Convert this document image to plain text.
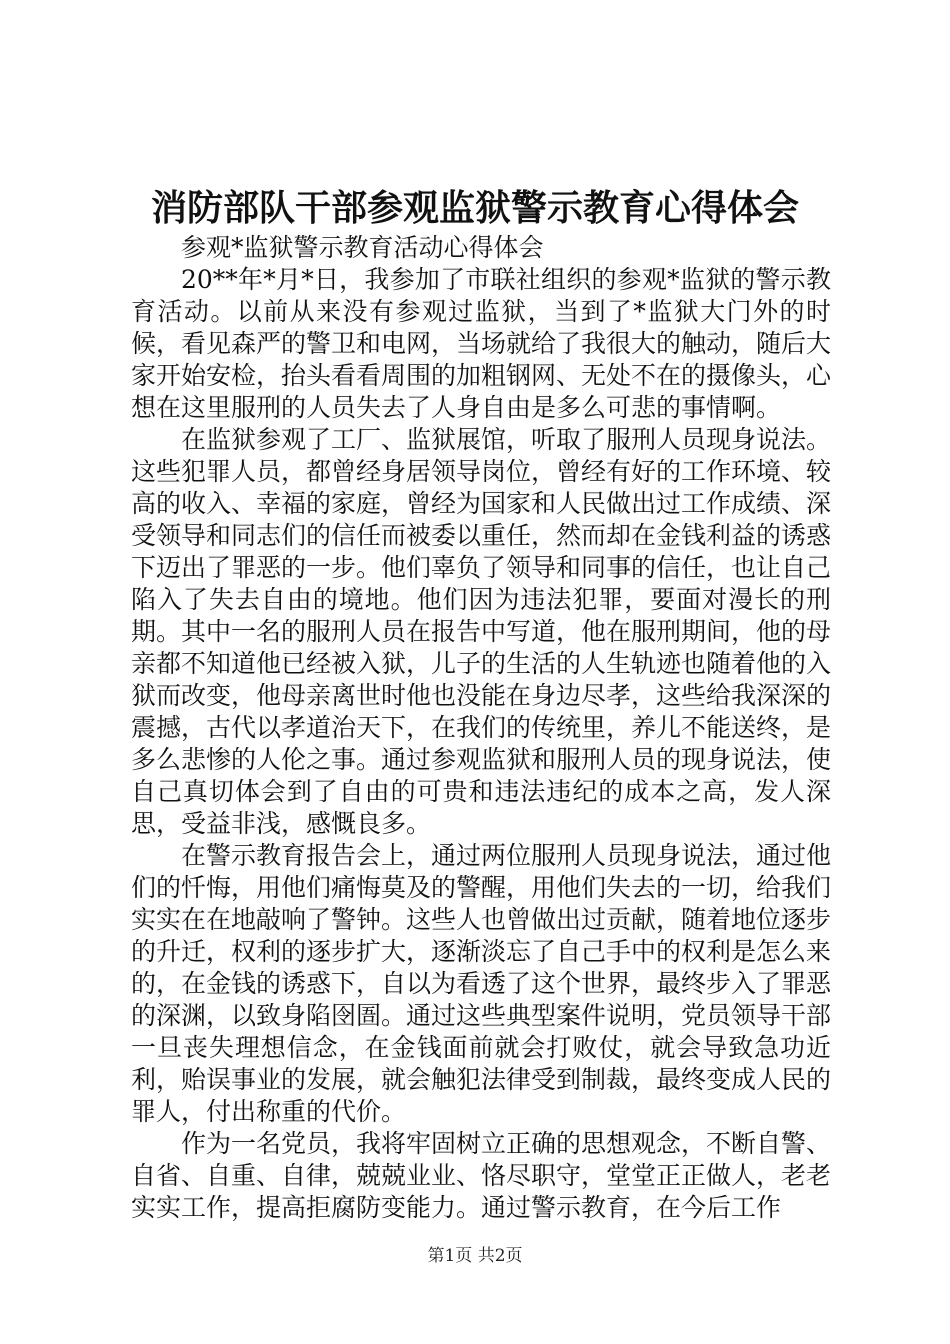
消防部队干部参观监狱警示教育心得体会

参观*监狱警示教育活动心得体会

20**年*月*日，我参加了市联社组织的参观*监狱的警示教育活动。以前从来没有参观过监狱，当到了*监狱大门外的时候，看见森严的警卫和电网，当场就给了我很大的触动，随后大家开始安检，抬头看看周围的加粗钢网、无处不在的摄像头，心想在这里服刑的人员失去了人身自由是多么可悲的事情啊。

在监狱参观了工厂、监狱展馆，听取了服刑人员现身说法。这些犯罪人员，都曾经身居领导岗位，曾经有好的工作环境、较高的收入、幸福的家庭，曾经为国家和人民做出过工作成绩、深受领导和同志们的信任而被委以重任，然而却在金钱利益的诱惑下迈出了罪恶的一步。他们辜负了领导和同事的信任，也让自己陷入了失去自由的境地。他们因为违法犯罪，要面对漫长的刑期。其中一名的服刑人员在报告中写道，他在服刑期间，他的母亲都不知道他已经被入狱，儿子的生活的人生轨迹也随着他的入狱而改变，他母亲离世时他也没能在身边尽孝，这些给我深深的震撼，古代以孝道治天下，在我们的传统里，养儿不能送终，是多么悲惨的人伦之事。通过参观监狱和服刑人员的现身说法，使自己真切体会到了自由的可贵和违法违纪的成本之高，发人深思，受益非浅，感慨良多。

在警示教育报告会上，通过两位服刑人员现身说法，通过他们的忏悔，用他们痛悔莫及的警醒，用他们失去的一切，给我们实实在在地敲响了警钟。这些人也曾做出过贡献，随着地位逐步的升迁，权利的逐步扩大，逐渐淡忘了自己手中的权利是怎么来的，在金钱的诱惑下，自以为看透了这个世界，最终步入了罪恶的深渊，以致身陷囹圄。通过这些典型案件说明，党员领导干部一旦丧失理想信念，在金钱面前就会打败仗，就会导致急功近利，贻误事业的发展，就会触犯法律受到制裁，最终变成人民的罪人，付出称重的代价。

作为一名党员，我将牢固树立正确的思想观念，不断自警、自省、自重、自律，兢兢业业、恪尽职守，堂堂正正做人，老老实实工作，提高拒腐防变能力。通过警示教育，在今后工作

第1页 共2页
